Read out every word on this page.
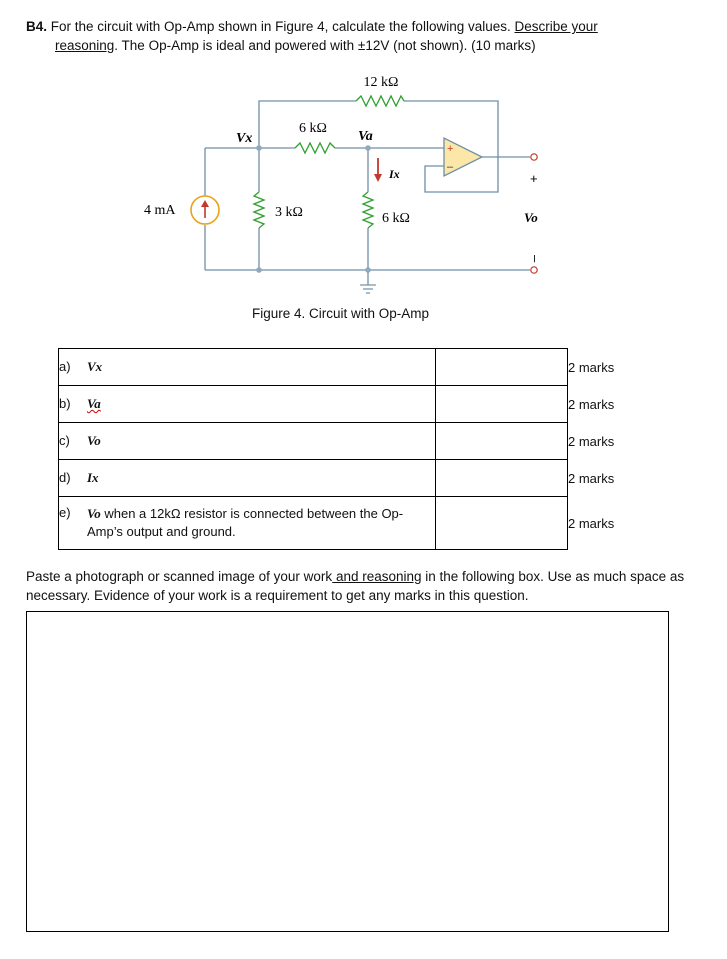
B4. For the circuit with Op-Amp shown in Figure 4, calculate the following values. Describe your
reasoning. The Op-Amp is ideal and powered with ±12V (not shown). (10 marks)
+
–
12 kΩ
6 kΩ
3 kΩ	6 kΩ
4 mA
Vx	Va
Ix
Vo
+
–
Figure 4. Circuit with Op-Amp
a) Vx		2 marks
b) Va		2 marks
c) Vo		2 marks
d) Ix		2 marks
e) Vo when a 12kΩ resistor is connected between the Op-Amp’s output and ground.		2 marks
Paste a photograph or scanned image of your work and reasoning in the following box. Use as much space as necessary. Evidence of your work is a requirement to get any marks in this question.
